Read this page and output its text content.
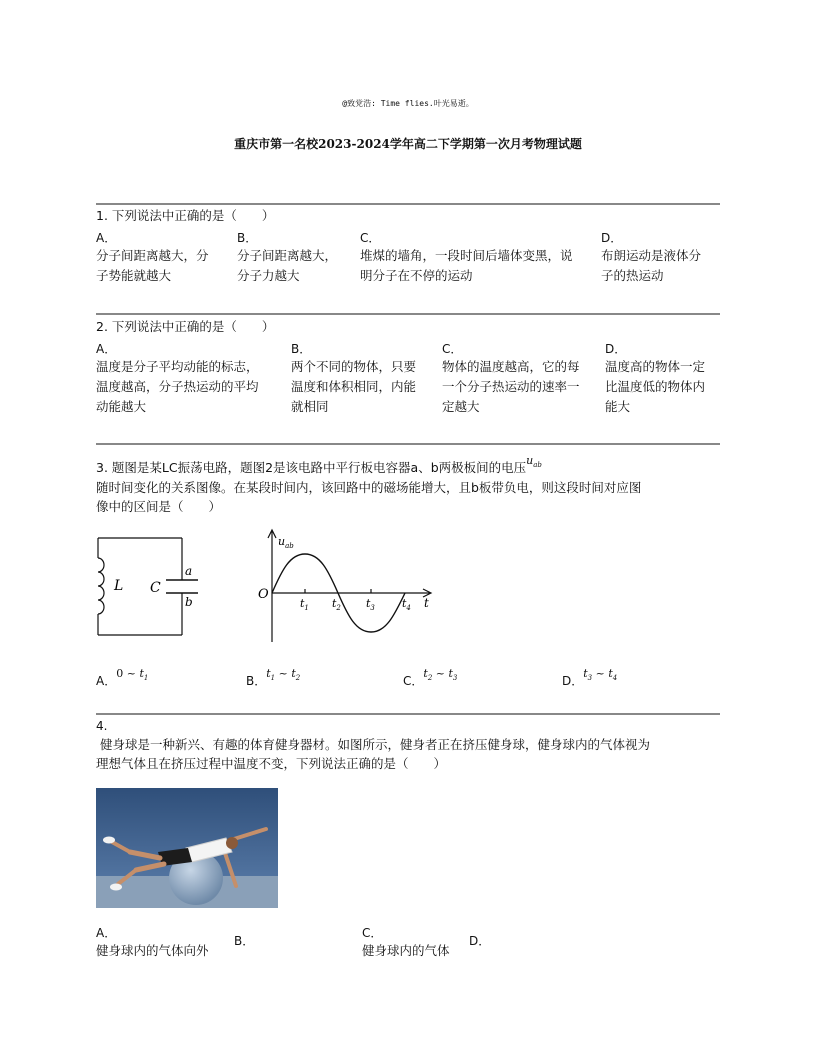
@致党浩: Time flies.叶光易逝。
重庆市第一名校2023-2024学年高二下学期第一次月考物理试题
1. 下列说法中正确的是（　　）
A．
分子间距离越大，分
子势能就越大
B．
分子间距离越大，
分子力越大
C．
堆煤的墙角，一段时间后墙体变黑，说
明分子在不停的运动
D．
布朗运动是液体分
子的热运动
2. 下列说法中正确的是（　　）
A．
温度是分子平均动能的标志，
温度越高，分子热运动的平均
动能越大
B．
两个不同的物体，只要
温度和体积相同，内能
就相同
C．
物体的温度越高，它的每
一个分子热运动的速率一
定越大
D．
温度高的物体一定
比温度低的物体内
能大
3. 题图是某LC振荡电路，题图2是该电路中平行板电容器a、b两极板间的电压$u_{ab}$
随时间变化的关系图像。在某段时间内，该回路中的磁场能增大，且b板带负电，则这段时间对应图
像中的区间是（　　）
L C
a
b
$u_{ab}$
O
t
$t_1$ $t_2$ $t_3$ $t_4$
$_{A.}$0 ~ $t_1$	$_{B.}t_1$ ~ $t_2$	$_{C.}t_2$ ~ $t_3$	$_{D.}t_3$ ~ $t_4$
4.
健身球是一种新兴、有趣的体育健身器材。如图所示，健身者正在挤压健身球，健身球内的气体视为
理想气体且在挤压过程中温度不变，下列说法正确的是（　　）
A．
健身球内的气体向外
B．
C．
健身球内的气体
D．
